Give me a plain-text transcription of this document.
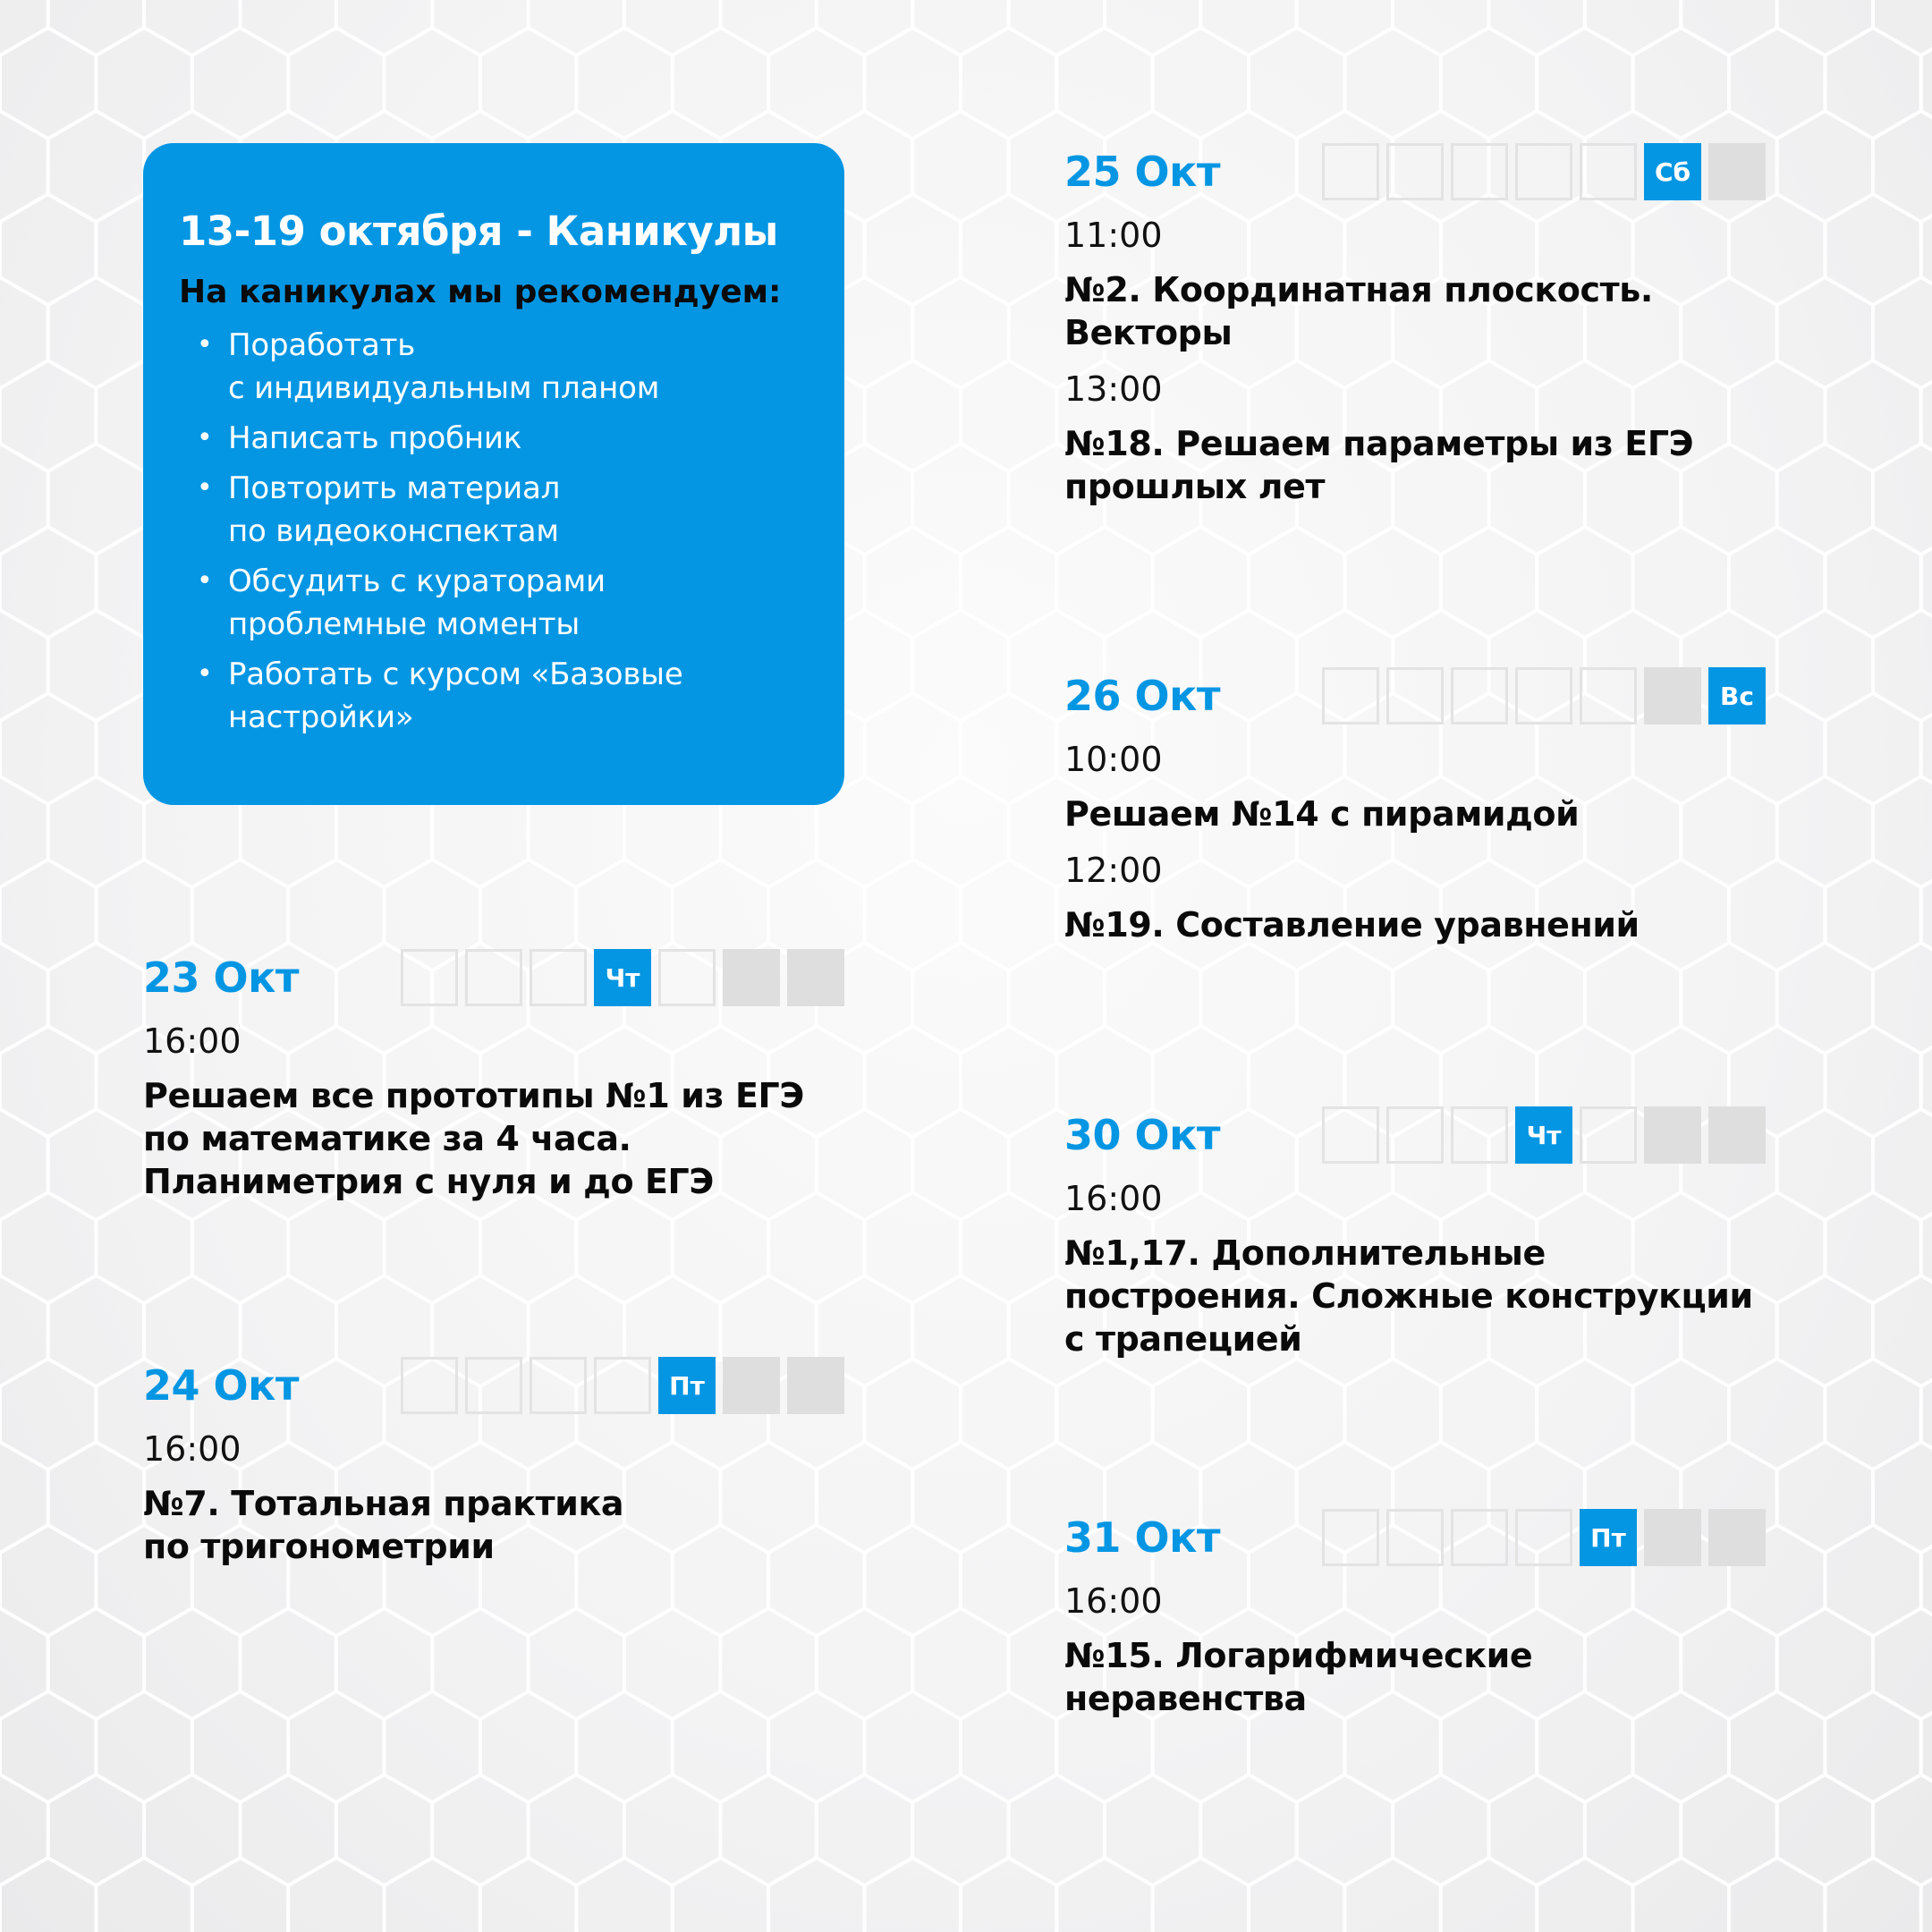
13-19 октября - Каникулы
На каникулах мы рекомендуем:
• Поработать
с индивидуальным планом
• Написать пробник
• Повторить материал
по видеоконспектам
• Обсудить с кураторами
проблемные моменты
• Работать с курсом «Базовые
настройки»
23 Окт	Чт
16:00
Решаем все прототипы №1 из ЕГЭ
по математике за 4 часа.
Планиметрия с нуля и до ЕГЭ
24 Окт	Пт
16:00
№7. Тотальная практика
по тригонометрии
25 Окт	Сб
11:00
№2. Координатная плоскость.
Векторы
13:00
№18. Решаем параметры из ЕГЭ
прошлых лет
26 Окт	Вс
10:00
Решаем №14 с пирамидой
12:00
№19. Составление уравнений
30 Окт	Чт
16:00
№1,17. Дополнительные
построения. Сложные конструкции
с трапецией
31 Окт	Пт
16:00
№15. Логарифмические
неравенства
